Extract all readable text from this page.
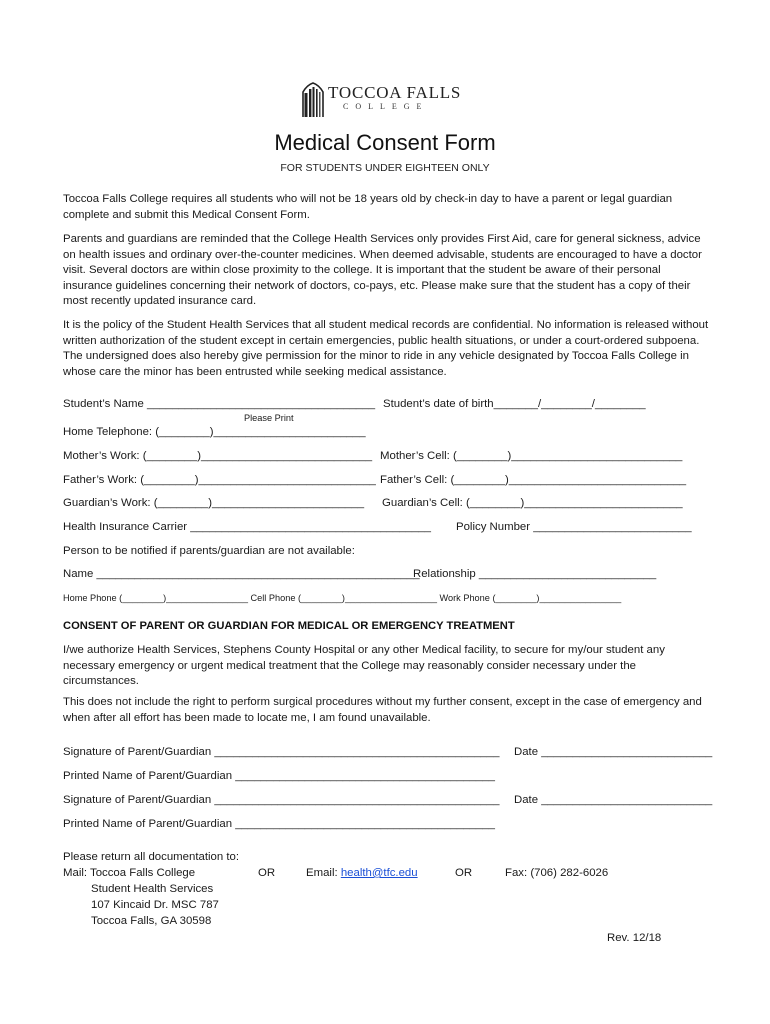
TOCCOA FALLS
COLLEGE
Medical Consent Form
FOR STUDENTS UNDER EIGHTEEN ONLY
Toccoa Falls College requires all students who will not be 18 years old by check-in day to have a parent or legal guardian complete and submit this Medical Consent Form.
Parents and guardians are reminded that the College Health Services only provides First Aid, care for general sickness, advice on health issues and ordinary over-the-counter medicines. When deemed advisable, students are encouraged to have a doctor visit. Several doctors are within close proximity to the college. It is important that the student be aware of their personal insurance guidelines concerning their network of doctors, co-pays, etc. Please make sure that the student has a copy of their most recently updated insurance card.
It is the policy of the Student Health Services that all student medical records are confidential. No information is released without written authorization of the student except in certain emergencies, public health situations, or under a court-ordered subpoena. The undersigned does also hereby give permission for the minor to ride in any vehicle designated by Toccoa Falls College in whose care the minor has been entrusted while seeking medical assistance.
Student’s Name ____________________________________ Student’s date of birth_______/________/________
Please Print
Home Telephone: (________)________________________
Mother’s Work: (________)___________________________ Mother’s Cell: (________)___________________________
Father’s Work: (________)____________________________ Father’s Cell: (________)____________________________
Guardian’s Work: (________)________________________ Guardian’s Cell: (________)_________________________
Health Insurance Carrier ______________________________________ Policy Number _________________________
Person to be notified if parents/guardian are not available:
Name ___________________________________________________
Relationship ____________________________
Home Phone (________)________________ Cell Phone (________)__________________ Work Phone (________)________________
CONSENT OF PARENT OR GUARDIAN FOR MEDICAL OR EMERGENCY TREATMENT
I/we authorize Health Services, Stephens County Hospital or any other Medical facility, to secure for my/our student any necessary emergency or urgent medical treatment that the College may reasonably consider necessary under the circumstances.
This does not include the right to perform surgical procedures without my further consent, except in the case of emergency and when after all effort has been made to locate me, I am found unavailable.
Signature of Parent/Guardian _____________________________________________ Date ___________________________
Printed Name of Parent/Guardian _________________________________________
Signature of Parent/Guardian _____________________________________________ Date ___________________________
Printed Name of Parent/Guardian _________________________________________
Please return all documentation to:
Mail: Toccoa Falls College	OR	Email: health@tfc.edu	OR	Fax: (706) 282-6026
Student Health Services
107 Kincaid Dr. MSC 787
Toccoa Falls, GA 30598
Rev. 12/18
